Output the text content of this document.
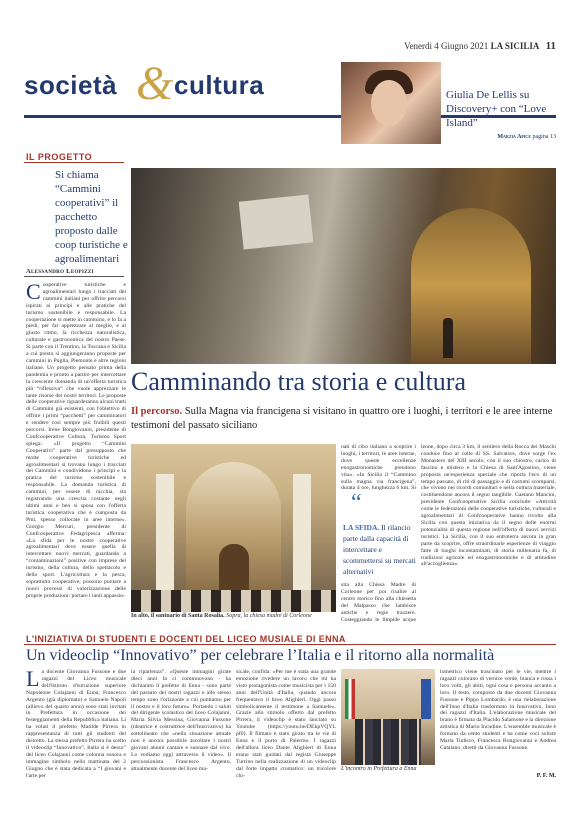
Venerdì 4 Giugno 2021 LA SICILIA 11
società & cultura	Giulia De Lellis su Discovery+ con “Love Island”
Marzia Apice pagina 13
IL PROGETTO
Si chiama “Cammini cooperativi” il pacchetto proposto dalle coop turistiche e agroalimentari
Alessandro Leopizzi
Cooperative turistiche e agroalimentari lungo i tracciati dei cammini italiani per offrire percorsi ispirati ai principi e alle pratiche del turismo sostenibile e responsabile. La cooperazione si mette in cammino, e lo fa a piedi, per far apprezzare al meglio, e al giusto ritmo, la ricchezza naturalistica, culturale e gastronomica del nostro Paese. Si parte con il Trentino, la Toscana e Sicilia a cui presto si aggiungeranno proposte per cammini in Puglia, Piemonte e altre regioni italiane. Un progetto pensato prima della pandemia e pronto a partire per intercettare la crescente domanda di un'offerta turistica più “riflessiva” che vuole apprezzare le tante risorse dei nostri territori. Le proposte delle cooperative riguarderanno alcuni tratti di Cammini già esistenti, con l'obiettivo di offrire i primi “pacchetti” per camminatori e rendere così sempre più fruibili questi percorsi. Irene Bongiovanni, presidente di Confcooperative Cultura, Turismo Sport spiega: «Il progetto “Cammini Cooperativi” parte dal presupposto che molte cooperative turistiche ed agroalimentari si trovano lungo i tracciati dei Cammini e condividono i principi e la pratica del turismo sostenibile e responsabile. La domanda turistica di cammini, per essere di nicchia, sta registrando una crescita costante negli ultimi anni e ben si sposa con l'offerta turistica cooperativa che è composta da Pmi, spesso collocate in aree interne». Giorgio Mercuri, presidente di Confcooperative Fedagripesca afferma: «La sfida per le nostre cooperative agroalimentari deve essere quella di intercettare nuovi mercati, guardando a “contaminazioni” positive con imprese del turismo, della cultura, dello spettacolo e dello sport. L'agricoltura e la pesca, soprattutto cooperative, possono puntare a nuovi processi di valorizzazione delle proprie produzioni: portare i tanti appassio-
Camminando tra storia e cultura
Il percorso. Sulla Magna via francigena si visitano in quattro ore i luoghi, i territori e le aree interne testimoni del passato siciliano
In alto, il santuario di Santa Rosalia. Sopra, la chiesa madre di Corleone
nati di cibo italiano a scoprire i luoghi, i territori, le aree interne, dove queste eccellenze enogastronomiche prendono vita». «In Sicilia il “Cammino sulla magna via francigena”, durata 4 ore, lunghezza 6 km. Si
“
LA SFIDA. Il rilancio parte dalla capacità di intercettare e scommettersi su mercati alternativi
sita alla Chiesa Madre di Corleone per poi risalire al centro storico fino alla chiesetta del Malpasso che lambisce antiche e regie trazzere. Costeggiando le limpide acque
leone, dopo circa 3 km, il sentiero della Rocca dei Maschi conduce fino al colle di SS. Salvatore, dove sorge l'ex Monastero del XIII secolo, con il suo chiostro, carico di fascino e mistero e la Chiesa di Sant'Agostino, viene proposta un'esperienza speciale che riporta l'eco di un tempo passato, di riti di passaggio e di costumi scomparsi, che vivono nei ricordi comunitari e nella cultura materiale, costituendone ancora il segno tangibile. Gaetano Mancini, presidente Confcooperative Sicilia conclude: «Attività come le federazioni delle cooperative turistiche, culturali e agroalimentari di Confcooperative hanno rivolto alla Sicilia con questa iniziativa da il segno delle enormi potenzialità di questa regione nell'offerta di nuovi servizi turistici. La Sicilia, con il suo entroterra ancora in gran parte da scoprire, offre straordinarie esperienze di viaggio fatte di luoghi incontaminati, di storia millenaria fa, di tradizioni agricole ed enogastronomiche e di attitudine all'accoglienza».
L'INIZIATIVA DI STUDENTI E DOCENTI DEL LICEO MUSIALE DI ENNA
Un videoclip “Innovativo” per celebrare l’Italia e il ritorno alla normalità
La docente Giovanna Fussone e due ragazzi del Liceo musicale dell'Istituto d'istruzione superiore Napoleone Colajanni di Enna, Francesco Argento (già diplomato) e Samuele Napoli (allievo del quarto anno) sono stati invitati in Prefettura in occasione dei festeggiamenti della Repubblica italiana. Li ha voluti il prefetto Matilde Pirrera in rappresentanza di tutti gli studenti del distretto. La stessa prefetto Pirrera ha scelto il videoclip “Innovativo”, Italia si è desso” del liceo Colajanni come colonna sonora e immagine simbolo nella mattinata del 2 Giugno che è stata dedicata a “I giovani e l'arte per
la ripartenza”. «Queste immagini girate dieci anni fa ci commuovono - ha dichiarato il prefetto di Enna - sono parte del passato dei nostri ragazzi e allo stesso tempo sono l'orizzonte a cui puntiamo per il nostro e il loro futuro». Portando i saluti del dirigente scolastico del liceo Colajanni, Maria Silvia Messina, Giovanna Fussone (ideatrice e costruttrice dell'Innovativo) ha sottolineato che «nella situazione attuale non è ancora possibile ascoltare i nostri giovani alunni cantare e suonare dal vivo. Lo vediamo oggi attraverso il video». Il percussionista Francesco Argento, attualmente docente del liceo mu-
sicale, confida: «Per me è stata una grande emozione rivedere un lavoro che mi ha visto protagonista come musicista per i 150 anni dell'Unità d'Italia, quando ancora frequentavo il liceo Alighieri. Oggi passo simbolicamente il testimone a Samuele». Grazie allo stimolo offerto dal prefetto Pirrera, il videoclip è stato lanciato su Youtube (https://youtu.be/DEkpVQYL pf0). Il filmato è stato girato tra le vie di Enna e il porto di Palermo. I ragazzi dell'allora liceo Dante Alighieri di Enna erano stati guidati dal regista Giuseppe Turrino nella realizzazione di un videoclip dal forte impatto cromatico: un tricolore chi-
L'incontro in Prefettura a Enna
lometrico viene trascinato per le vie, mentre i ragazzi colorano di vernice verde, bianca e rossa i loro volti, gli abiti, ogni cosa e persona accanto a loro. Il testo, composto da due docenti Giovanna Fussone e Pippo Lombardo, è una rielaborazione dell'Inno d'Italia trasformato in Innovativo, Inno dei ragazzi d'Italia. L'elaborazione musicale del brano è firmata da Placido Salamone e la direzione artistica di Mario Incudine. L'ensemble musicale è formato da cento studenti e ha come voci soliste Marta Tudisco, Francesca Bongiovanni e Andrea Catalano, diretti da Giovanna Fussone.
P. F. M.
